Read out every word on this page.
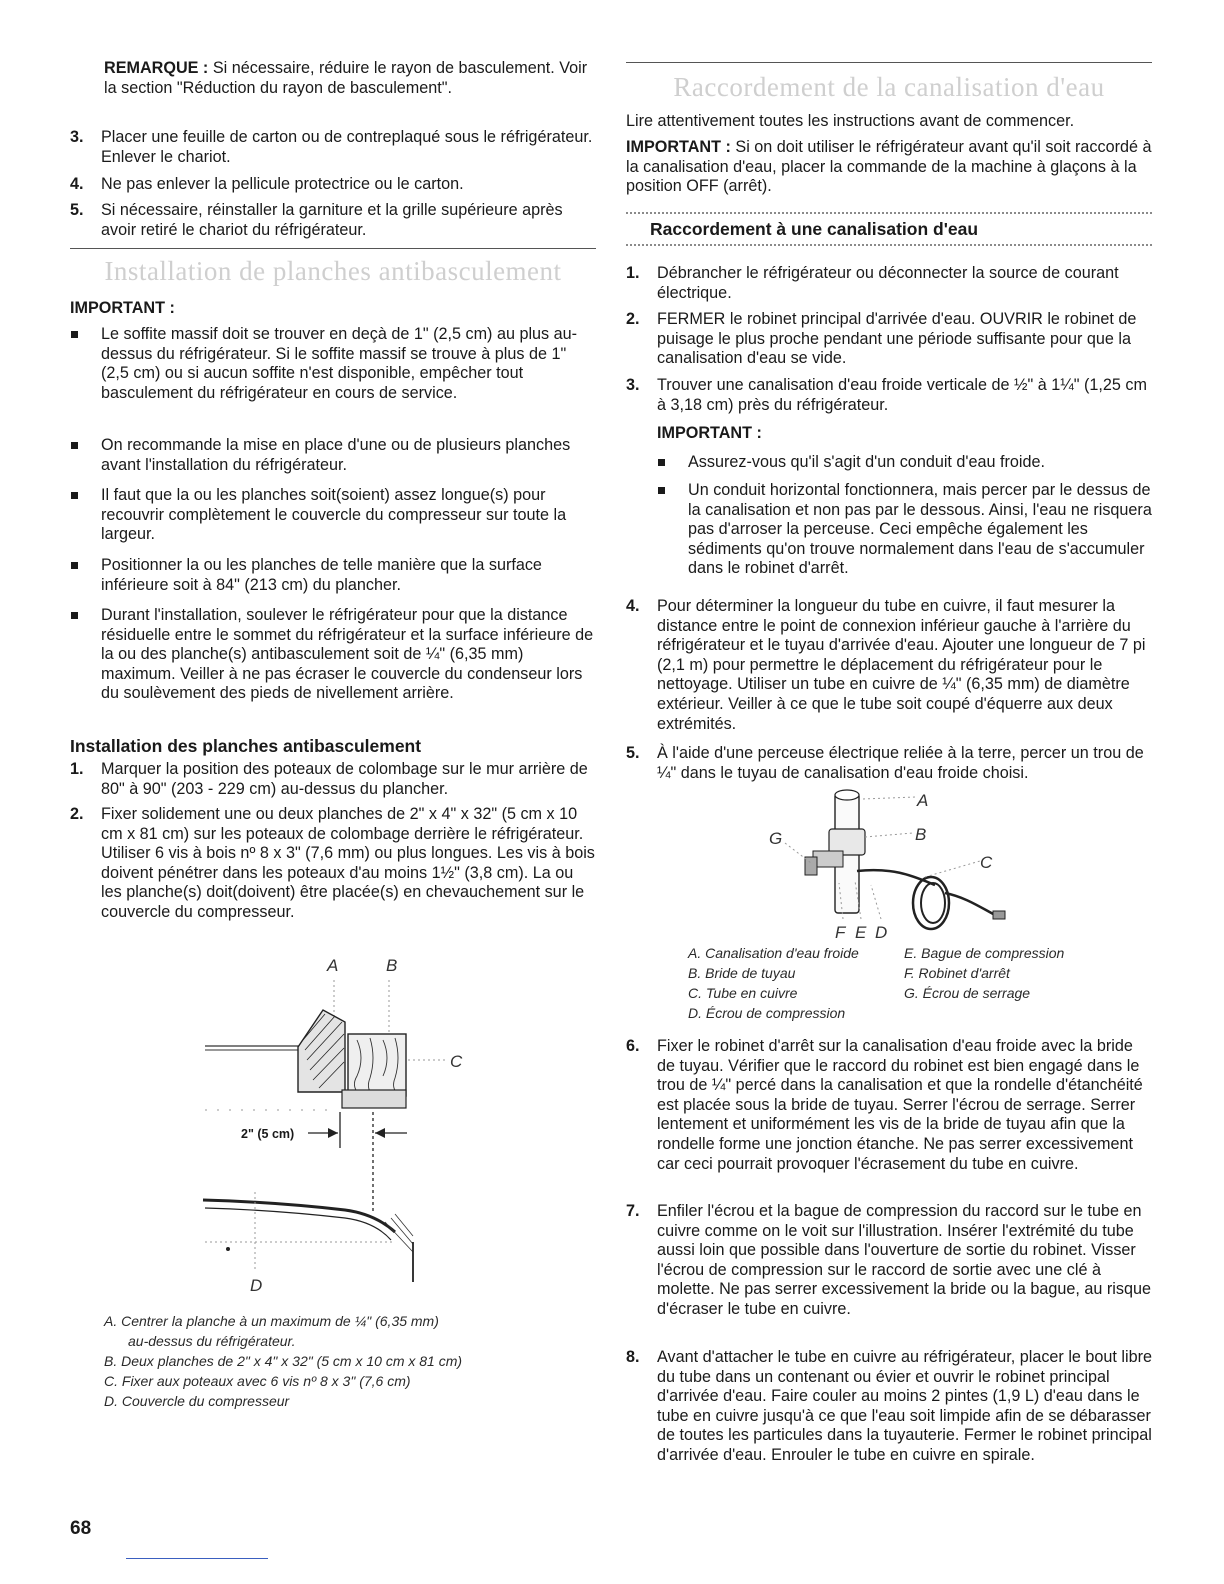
REMARQUE : Si nécessaire, réduire le rayon de basculement. Voir la section "Réduction du rayon de basculement".

3. Placer une feuille de carton ou de contreplaqué sous le réfrigérateur. Enlever le chariot.

4. Ne pas enlever la pellicule protectrice ou le carton.

5. Si nécessaire, réinstaller la garniture et la grille supérieure après avoir retiré le chariot du réfrigérateur.

Installation de planches antibasculement

IMPORTANT :

Le soffite massif doit se trouver en deçà de 1" (2,5 cm) au plus au-dessus du réfrigérateur. Si le soffite massif se trouve à plus de 1" (2,5 cm) ou si aucun soffite n'est disponible, empêcher tout basculement du réfrigérateur en cours de service.

On recommande la mise en place d'une ou de plusieurs planches avant l'installation du réfrigérateur.

Il faut que la ou les planches soit(soient) assez longue(s) pour recouvrir complètement le couvercle du compresseur sur toute la largeur.

Positionner la ou les planches de telle manière que la surface inférieure soit à 84" (213 cm) du plancher.

Durant l'installation, soulever le réfrigérateur pour que la distance résiduelle entre le sommet du réfrigérateur et la surface inférieure de la ou des planche(s) antibasculement soit de ¼" (6,35 mm) maximum. Veiller à ne pas écraser le couvercle du condenseur lors du soulèvement des pieds de nivellement arrière.

Installation des planches antibasculement

1. Marquer la position des poteaux de colombage sur le mur arrière de 80" à 90" (203 - 229 cm) au-dessus du plancher.

2. Fixer solidement une ou deux planches de 2" x 4" x 32" (5 cm x 10 cm x 81 cm) sur les poteaux de colombage derrière le réfrigérateur. Utiliser 6 vis à bois nº 8 x 3" (7,6 mm) ou plus longues. Les vis à bois doivent pénétrer dans les poteaux d'au moins 1½" (3,8 cm). La ou les planche(s) doit(doivent) être placée(s) en chevauchement sur le couvercle du compresseur.

A	B
C
D
2" (5 cm)
A. Centrer la planche à un maximum de ¼" (6,35 mm)
au-dessus du réfrigérateur.
B. Deux planches de 2" x 4" x 32" (5 cm x 10 cm x 81 cm)
C. Fixer aux poteaux avec 6 vis nº 8 x 3" (7,6 cm)
D. Couvercle du compresseur
Raccordement de la canalisation d'eau

Lire attentivement toutes les instructions avant de commencer.

IMPORTANT : Si on doit utiliser le réfrigérateur avant qu'il soit raccordé à la canalisation d'eau, placer la commande de la machine à glaçons à la position OFF (arrêt).

Raccordement à une canalisation d'eau

1. Débrancher le réfrigérateur ou déconnecter la source de courant électrique.

2. FERMER le robinet principal d'arrivée d'eau. OUVRIR le robinet de puisage le plus proche pendant une période suffisante pour que la canalisation d'eau se vide.

3. Trouver une canalisation d'eau froide verticale de ½" à 1¼" (1,25 cm à 3,18 cm) près du réfrigérateur.

IMPORTANT :

Assurez-vous qu'il s'agit d'un conduit d'eau froide.

Un conduit horizontal fonctionnera, mais percer par le dessus de la canalisation et non pas par le dessous. Ainsi, l'eau ne risquera pas d'arroser la perceuse. Ceci empêche également les sédiments qu'on trouve normalement dans l'eau de s'accumuler dans le robinet d'arrêt.

4. Pour déterminer la longueur du tube en cuivre, il faut mesurer la distance entre le point de connexion inférieur gauche à l'arrière du réfrigérateur et le tuyau d'arrivée d'eau. Ajouter une longueur de 7 pi (2,1 m) pour permettre le déplacement du réfrigérateur pour le nettoyage. Utiliser un tube en cuivre de ¼" (6,35 mm) de diamètre extérieur. Veiller à ce que le tube soit coupé d'équerre aux deux extrémités.

5. À l'aide d'une perceuse électrique reliée à la terre, percer un trou de ¼" dans le tuyau de canalisation d'eau froide choisi.

6. Fixer le robinet d'arrêt sur la canalisation d'eau froide avec la bride de tuyau. Vérifier que le raccord du robinet est bien engagé dans le trou de ¼" percé dans la canalisation et que la rondelle d'étanchéité est placée sous la bride de tuyau. Serrer l'écrou de serrage. Serrer lentement et uniformément les vis de la bride de tuyau afin que la rondelle forme une jonction étanche. Ne pas serrer excessivement car ceci pourrait provoquer l'écrasement du tube en cuivre.

7. Enfiler l'écrou et la bague de compression du raccord sur le tube en cuivre comme on le voit sur l'illustration. Insérer l'extrémité du tube aussi loin que possible dans l'ouverture de sortie du robinet. Visser l'écrou de compression sur le raccord de sortie avec une clé à molette. Ne pas serrer excessivement la bride ou la bague, au risque d'écraser le tube en cuivre.

8. Avant d'attacher le tube en cuivre au réfrigérateur, placer le bout libre du tube dans un contenant ou évier et ouvrir le robinet principal d'arrivée d'eau. Faire couler au moins 2 pintes (1,9 L) d'eau dans le tube en cuivre jusqu'à ce que l'eau soit limpide afin de se débarasser de toutes les particules dans la tuyauterie. Fermer le robinet principal d'arrivée d'eau. Enrouler le tube en cuivre en spirale.

A
B
C
G
F E D
A. Canalisation d'eau froide
B. Bride de tuyau
C. Tube en cuivre
D. Écrou de compression
E. Bague de compression
F. Robinet d'arrêt
G. Écrou de serrage
68
